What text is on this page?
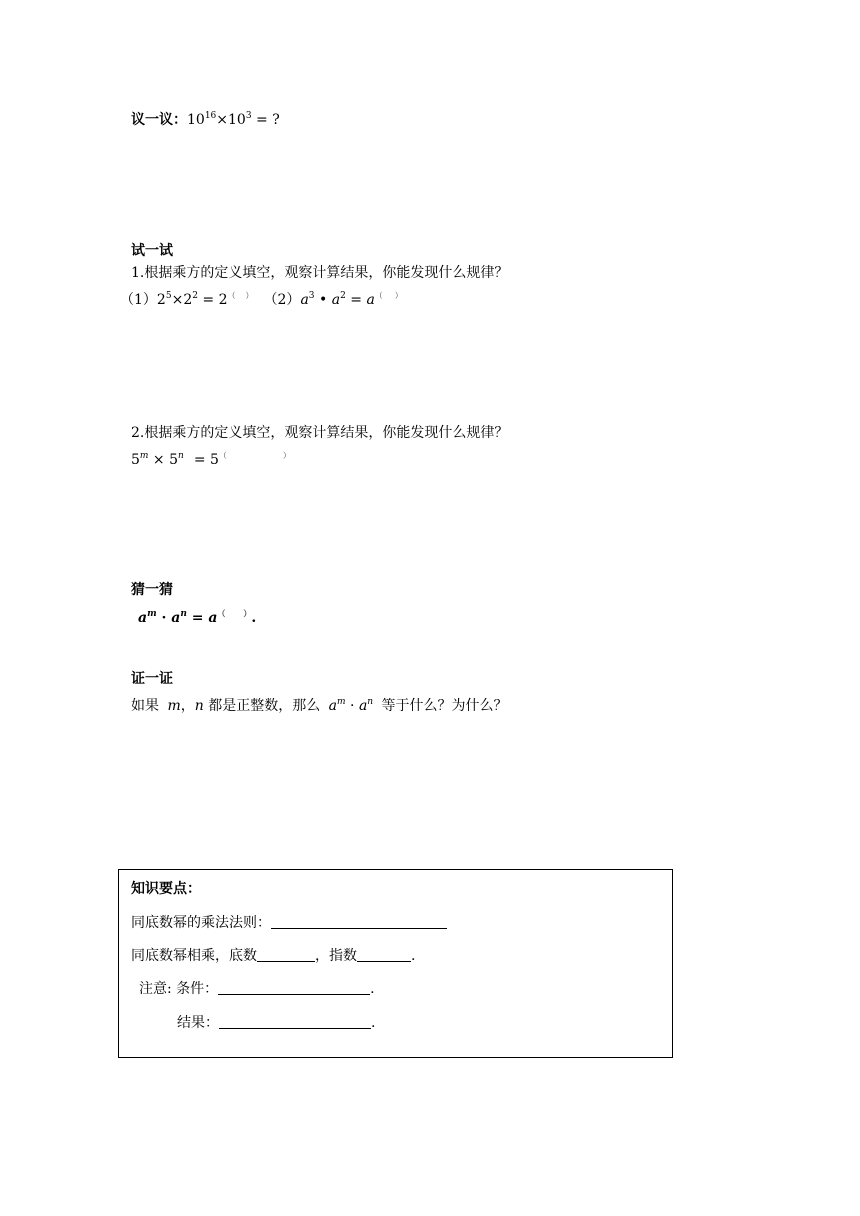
议一议：$10^{16}\times 10^3$ = ?
试一试
1.根据乘方的定义填空，观察计算结果，你能发现什么规律？
$(1)2^5\times 2^2 = 2^($ ） $(2)a^3$ • $a^2 = a^($ ）
2.根据乘方的定义填空，观察计算结果，你能发现什么规律？
$5^m \times 5^n = 5^($	）
猜一猜
$a^m \cdot a^n = a^($ ）.
证一证
如果 m，n 都是正整数，那么 $a^m \cdot a^n$ 等于什么？为什么？
知识要点：
同底数幂的乘法法则：
同底数幂相乘，底数	，指数	.
注意: 条件：	.
结果：	.
